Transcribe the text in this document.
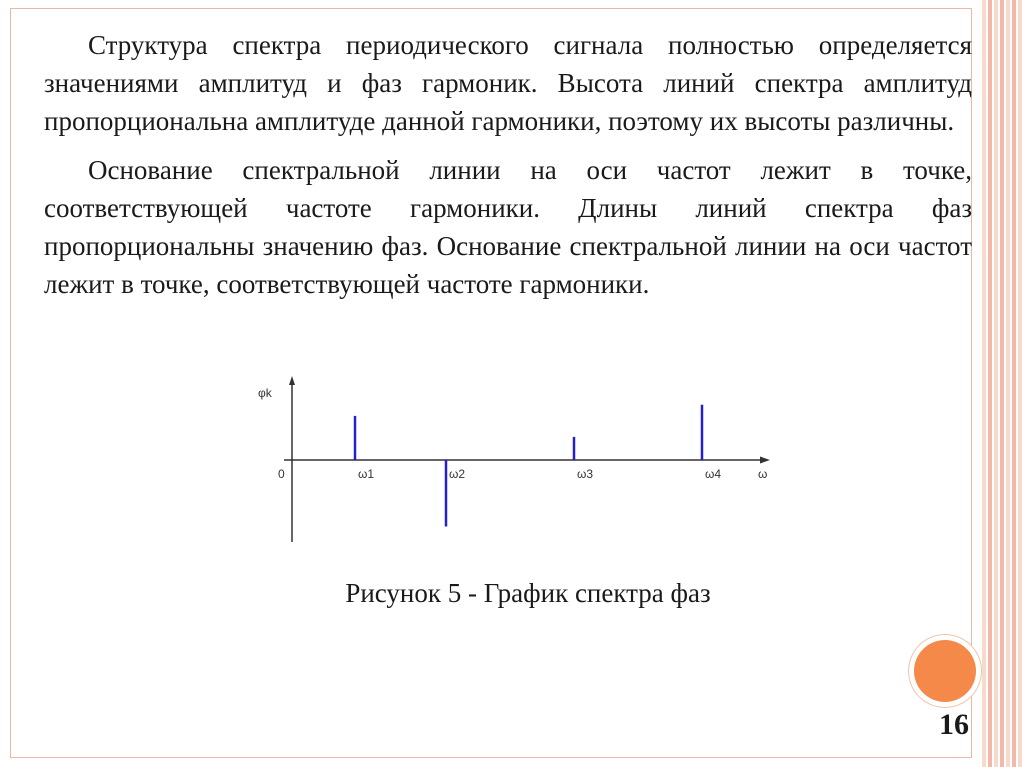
Структура спектра периодического сигнала полностью определяется значениями амплитуд и фаз гармоник. Высота линий спектра амплитуд пропорциональна амплитуде данной гармоники, поэтому их высоты различны.

Основание спектральной линии на оси частот лежит в точке, соответствующей частоте гармоники. Длины линий спектра фаз пропорциональны значению фаз. Основание спектральной линии на оси частот лежит в точке, соответствующей частоте гармоники.

φk
ω
0	ω1	ω2	ω3	ω4
Рисунок 5 - График спектра фаз
16
